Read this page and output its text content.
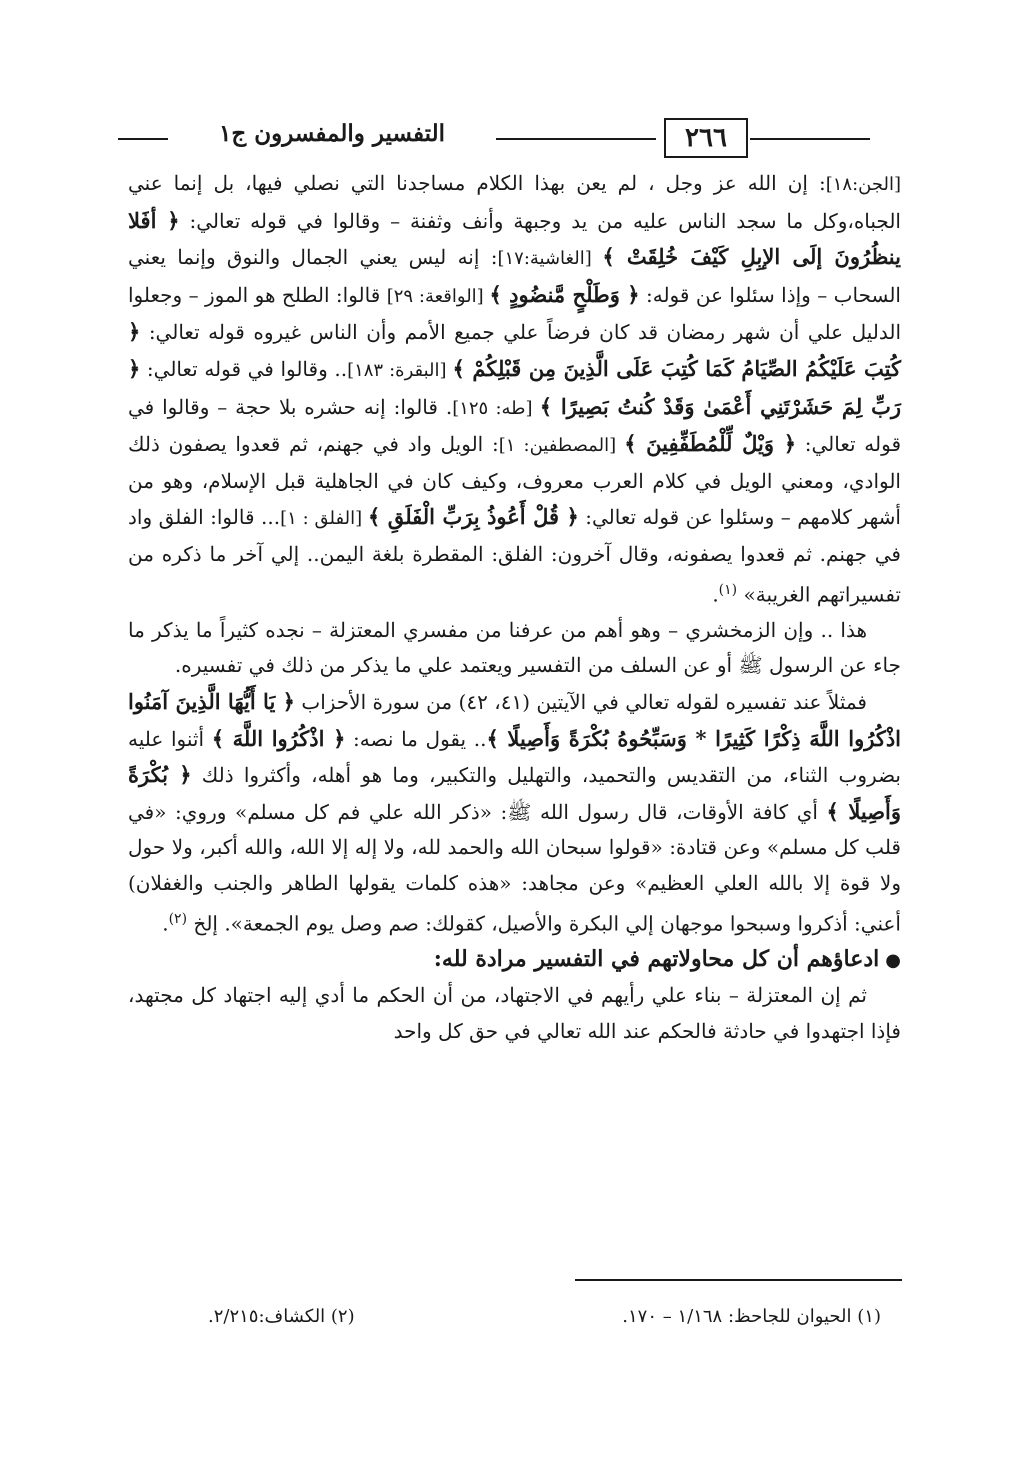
التفسير والمفسرون ج١	٢٦٦

[الجن:١٨]: إن الله عز وجل ، لم يعن بهذا الكلام مساجدنا التي نصلي فيها، بل إنما عني الجباه،وكل ما سجد الناس عليه من يد وجبهة وأنف وثفنة – وقالوا في قوله تعالي: ﴿ أفَلا ينظُرُونَ إلَى الإبِلِ كَيْفَ خُلِقَتْ ﴾ [الغاشية:١٧]: إنه ليس يعني الجمال والنوق وإنما يعني السحاب – وإذا سئلوا عن قوله: ﴿ وَطَلْحٍ مَّنضُودٍ ﴾ [الواقعة: ٢٩] قالوا: الطلح هو الموز – وجعلوا الدليل علي أن شهر رمضان قد كان فرضاً علي جميع الأمم وأن الناس غيروه قوله تعالي: ﴿ كُتِبَ عَلَيْكُمُ الصِّيَامُ كَمَا كُتِبَ عَلَى الَّذِينَ مِن قَبْلِكُمْ ﴾ [البقرة: ١٨٣].. وقالوا في قوله تعالي: ﴿ رَبِّ لِمَ حَشَرْتَنِي أَعْمَىٰ وَقَدْ كُنتُ بَصِيرًا ﴾ [طه: ١٢٥]. قالوا: إنه حشره بلا حجة – وقالوا في قوله تعالي: ﴿ وَيْلٌ لِّلْمُطَفِّفِينَ ﴾ [المصطفين: ١]: الويل واد في جهنم، ثم قعدوا يصفون ذلك الوادي، ومعني الويل في كلام العرب معروف، وكيف كان في الجاهلية قبل الإسلام، وهو من أشهر كلامهم – وسئلوا عن قوله تعالي: ﴿ قُلْ أَعُوذُ بِرَبِّ الْفَلَقِ ﴾ [الفلق : ١]... قالوا: الفلق واد في جهنم. ثم قعدوا يصفونه، وقال آخرون: الفلق: المقطرة بلغة اليمن.. إلي آخر ما ذكره من تفسيراتهم الغريبة» $^{(١)}$.

هذا .. وإن الزمخشري – وهو أهم من عرفنا من مفسري المعتزلة – نجده كثيراً ما يذكر ما جاء عن الرسول ﷺ أو عن السلف من التفسير ويعتمد علي ما يذكر من ذلك في تفسيره.

فمثلاً عند تفسيره لقوله تعالي في الآيتين (٤١، ٤٢) من سورة الأحزاب ﴿ يَا أَيُّهَا الَّذِينَ آمَنُوا اذْكُرُوا اللَّهَ ذِكْرًا كَثِيرًا * وَسَبِّحُوهُ بُكْرَةً وَأَصِيلًا ﴾.. يقول ما نصه: ﴿ اذْكُرُوا اللَّهَ ﴾ أثنوا عليه بضروب الثناء، من التقديس والتحميد، والتهليل والتكبير، وما هو أهله، وأكثروا ذلك ﴿ بُكْرَةً وَأَصِيلًا ﴾ أي كافة الأوقات، قال رسول الله ﷺ: «ذكر الله علي فم كل مسلم» وروي: «في قلب كل مسلم» وعن قتادة: «قولوا سبحان الله والحمد لله، ولا إله إلا الله، والله أكبر، ولا حول ولا قوة إلا بالله العلي العظيم» وعن مجاهد: «هذه كلمات يقولها الطاهر والجنب والغفلان) أعني: أذكروا وسبحوا موجهان إلي البكرة والأصيل، كقولك: صم وصل يوم الجمعة». إلخ $^{(٢)}$.

●ادعاؤهم أن كل محاولاتهم في التفسير مرادة لله:

ثم إن المعتزلة – بناء علي رأيهم في الاجتهاد، من أن الحكم ما أدي إليه اجتهاد كل مجتهد، فإذا اجتهدوا في حادثة فالحكم عند الله تعالي في حق كل واحد

(١) الحيوان للجاحظ: ١/١٦٨ – ١٧٠.
(٢) الكشاف:٢/٢١٥.
